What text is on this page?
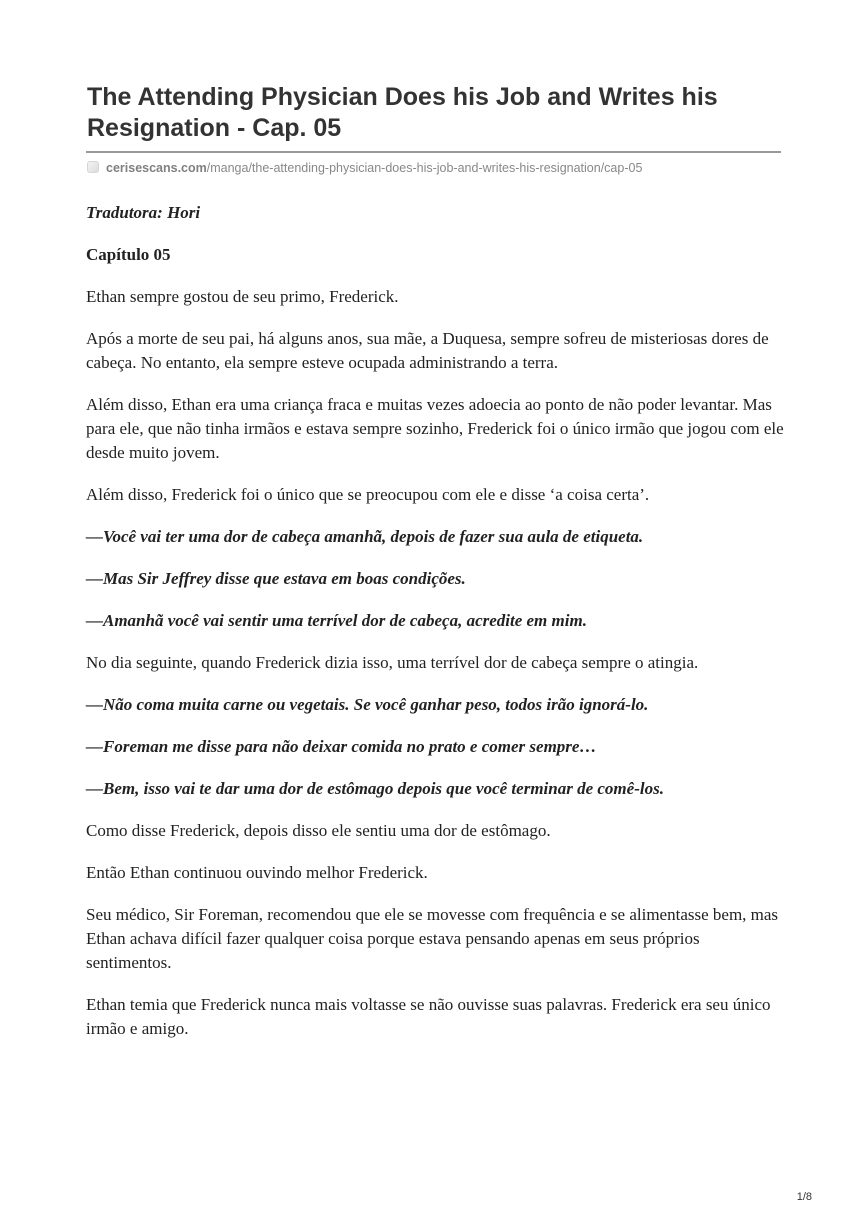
The Attending Physician Does his Job and Writes his Resignation - Cap. 05
cerisescans.com/manga/the-attending-physician-does-his-job-and-writes-his-resignation/cap-05

Tradutora: Hori

Capítulo 05

Ethan sempre gostou de seu primo, Frederick.

Após a morte de seu pai, há alguns anos, sua mãe, a Duquesa, sempre sofreu de misteriosas dores de cabeça. No entanto, ela sempre esteve ocupada administrando a terra.

Além disso, Ethan era uma criança fraca e muitas vezes adoecia ao ponto de não poder levantar. Mas para ele, que não tinha irmãos e estava sempre sozinho, Frederick foi o único irmão que jogou com ele desde muito jovem.

Além disso, Frederick foi o único que se preocupou com ele e disse ‘a coisa certa’.

—Você vai ter uma dor de cabeça amanhã, depois de fazer sua aula de etiqueta.

—Mas Sir Jeffrey disse que estava em boas condições.

—Amanhã você vai sentir uma terrível dor de cabeça, acredite em mim.

No dia seguinte, quando Frederick dizia isso, uma terrível dor de cabeça sempre o atingia.

—Não coma muita carne ou vegetais. Se você ganhar peso, todos irão ignorá-lo.

—Foreman me disse para não deixar comida no prato e comer sempre…

—Bem, isso vai te dar uma dor de estômago depois que você terminar de comê-los.

Como disse Frederick, depois disso ele sentiu uma dor de estômago.

Então Ethan continuou ouvindo melhor Frederick.

Seu médico, Sir Foreman, recomendou que ele se movesse com frequência e se alimentasse bem, mas Ethan achava difícil fazer qualquer coisa porque estava pensando apenas em seus próprios sentimentos.

Ethan temia que Frederick nunca mais voltasse se não ouvisse suas palavras. Frederick era seu único irmão e amigo.

1/8
